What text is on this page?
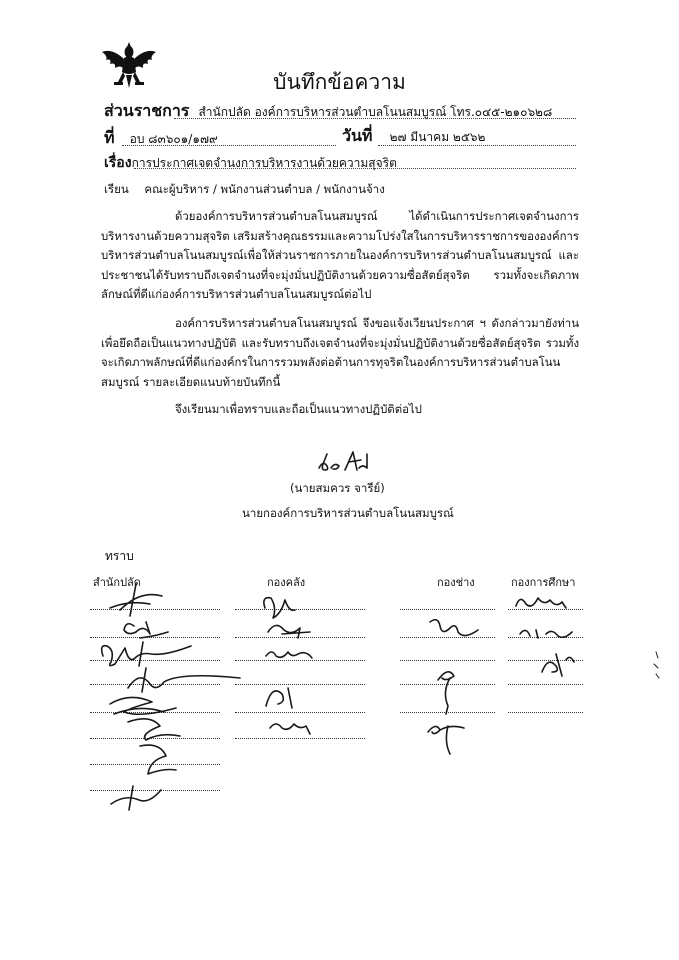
บันทึกข้อความ
ส่วนราชการ สำนักปลัด องค์การบริหารส่วนตำบลโนนสมบูรณ์ โทร.๐๔๕-๒๑๐๖๒๘
ที่ อบ ๘๓๖๐๑/๑๗๙	วันที่ ๒๗ มีนาคม ๒๕๖๒
เรื่องการประกาศเจตจำนงการบริหารงานด้วยความสุจริต
เรียน คณะผู้บริหาร / พนักงานส่วนตำบล / พนักงานจ้าง

ด้วยองค์การบริหารส่วนตำบลโนนสมบูรณ์ ได้ดำเนินการประกาศเจตจำนงการบริหารงานด้วยความสุจริต เสริมสร้างคุณธรรมและความโปร่งใสในการบริหารราชการขององค์การบริหารส่วนตำบลโนนสมบูรณ์เพื่อให้ส่วนราชการภายในองค์การบริหารส่วนตำบลโนนสมบูรณ์ และประชาชนได้รับทราบถึงเจตจำนงที่จะมุ่งมั่นปฏิบัติงานด้วยความซื่อสัตย์สุจริต รวมทั้งจะเกิดภาพลักษณ์ที่ดีแก่องค์การบริหารส่วนตำบลโนนสมบูรณ์ต่อไป

องค์การบริหารส่วนตำบลโนนสมบูรณ์ จึงขอแจ้งเวียนประกาศ ฯ ดังกล่าวมายังท่านเพื่อยึดถือเป็นแนวทางปฏิบัติ และรับทราบถึงเจตจำนงที่จะมุ่งมั่นปฏิบัติงานด้วยซื่อสัตย์สุจริต รวมทั้งจะเกิดภาพลักษณ์ที่ดีแก่องค์กรในการรวมพลังต่อต้านการทุจริตในองค์การบริหารส่วนตำบลโนนสมบูรณ์ รายละเอียดแนบท้ายบันทึกนี้

จึงเรียนมาเพื่อทราบและถือเป็นแนวทางปฏิบัติต่อไป

(นายสมควร จารีย์)
นายกองค์การบริหารส่วนตำบลโนนสมบูรณ์
ทราบ
สำนักปลัด	กองคลัง	กองช่าง	กองการศึกษา
